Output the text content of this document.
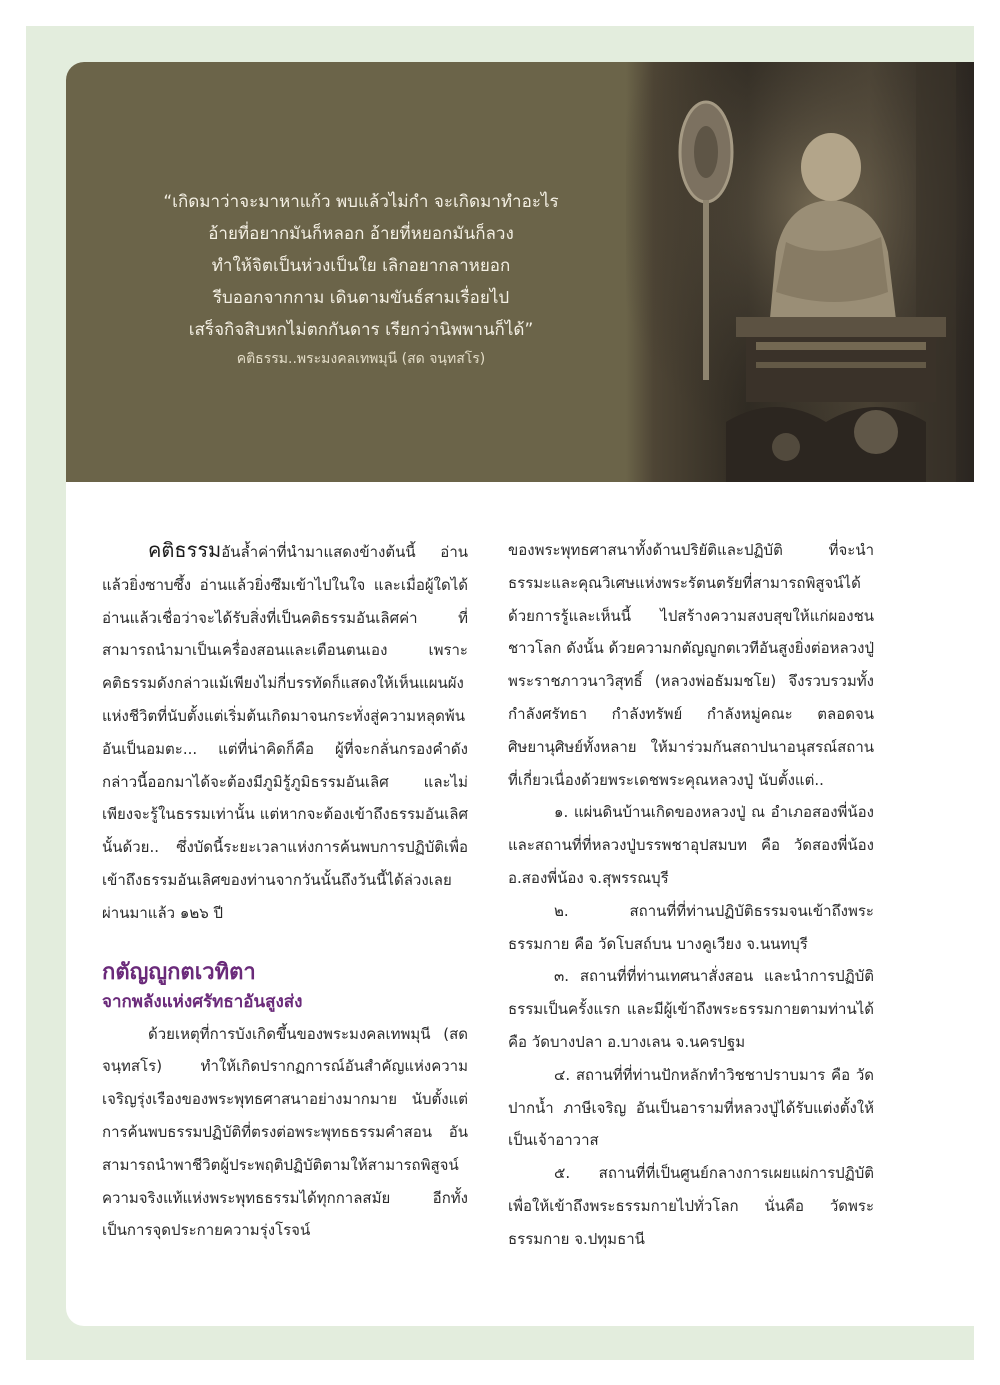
“เกิดมาว่าจะมาหาแก้ว พบแล้วไม่กำ จะเกิดมาทำอะไร
อ้ายที่อยากมันก็หลอก อ้ายที่หยอกมันก็ลวง
ทำให้จิตเป็นห่วงเป็นใย เลิกอยากลาหยอก
รีบออกจากกาม เดินตามขันธ์สามเรื่อยไป
เสร็จกิจสิบหกไม่ตกกันดาร เรียกว่านิพพานก็ได้”
คติธรรม..พระมงคลเทพมุนี (สด จนฺทสโร)

คติธรรมอันล้ำค่าที่นำมาแสดงข้างต้นนี้ อ่านแล้วยิ่งซาบซึ้ง อ่านแล้วยิ่งซึมเข้าไปในใจ และเมื่อผู้ใดได้อ่านแล้วเชื่อว่าจะได้รับสิ่งที่เป็นคติธรรมอันเลิศค่า ที่สามารถนำมาเป็นเครื่องสอนและเตือนตนเอง เพราะคติธรรมดังกล่าวแม้เพียงไม่กี่บรรทัดก็แสดงให้เห็นแผนผังแห่งชีวิตที่นับตั้งแต่เริ่มต้นเกิดมาจนกระทั่งสู่ความหลุดพ้นอันเป็นอมตะ... แต่ที่น่าคิดก็คือ ผู้ที่จะกลั่นกรองคำดังกล่าวนี้ออกมาได้จะต้องมีภูมิรู้ภูมิธรรมอันเลิศ และไม่เพียงจะรู้ในธรรมเท่านั้น แต่หากจะต้องเข้าถึงธรรมอันเลิศนั้นด้วย.. ซึ่งบัดนี้ระยะเวลาแห่งการค้นพบการปฏิบัติเพื่อเข้าถึงธรรมอันเลิศของท่านจากวันนั้นถึงวันนี้ได้ล่วงเลยผ่านมาแล้ว ๑๒๖ ปี

กตัญญูกตเวทิตา

จากพลังแห่งศรัทธาอันสูงส่ง

ด้วยเหตุที่การบังเกิดขึ้นของพระมงคลเทพมุนี (สด จนฺทสโร) ทำให้เกิดปรากฏการณ์อันสำคัญแห่งความเจริญรุ่งเรืองของพระพุทธศาสนาอย่างมากมาย นับตั้งแต่การค้นพบธรรมปฏิบัติที่ตรงต่อพระพุทธธรรมคำสอน อันสามารถนำพาชีวิตผู้ประพฤติปฏิบัติตามให้สามารถพิสูจน์ความจริงแท้แห่งพระพุทธธรรมได้ทุกกาลสมัย อีกทั้งเป็นการจุดประกายความรุ่งโรจน์

ของพระพุทธศาสนาทั้งด้านปริยัติและปฏิบัติ ที่จะนำธรรมะและคุณวิเศษแห่งพระรัตนตรัยที่สามารถพิสูจน์ได้ด้วยการรู้และเห็นนี้ ไปสร้างความสงบสุขให้แก่ผองชนชาวโลก ดังนั้น ด้วยความกตัญญูกตเวทีอันสูงยิ่งต่อหลวงปู่ พระราชภาวนาวิสุทธิ์ (หลวงพ่อธัมมชโย) จึงรวบรวมทั้งกำลังศรัทธา กำลังทรัพย์ กำลังหมู่คณะ ตลอดจนศิษยานุศิษย์ทั้งหลาย ให้มาร่วมกันสถาปนาอนุสรณ์สถานที่เกี่ยวเนื่องด้วยพระเดชพระคุณหลวงปู่ นับตั้งแต่..

๑. แผ่นดินบ้านเกิดของหลวงปู่ ณ อำเภอสองพี่น้อง และสถานที่ที่หลวงปู่บรรพชาอุปสมบท คือ วัดสองพี่น้อง อ.สองพี่น้อง จ.สุพรรณบุรี

๒. สถานที่ที่ท่านปฏิบัติธรรมจนเข้าถึงพระธรรมกาย คือ วัดโบสถ์บน บางคูเวียง จ.นนทบุรี

๓. สถานที่ที่ท่านเทศนาสั่งสอน และนำการปฏิบัติธรรมเป็นครั้งแรก และมีผู้เข้าถึงพระธรรมกายตามท่านได้ คือ วัดบางปลา อ.บางเลน จ.นครปฐม

๔. สถานที่ที่ท่านปักหลักทำวิชชาปราบมาร คือ วัดปากน้ำ ภาษีเจริญ อันเป็นอารามที่หลวงปู่ได้รับแต่งตั้งให้เป็นเจ้าอาวาส

๕. สถานที่ที่เป็นศูนย์กลางการเผยแผ่การปฏิบัติเพื่อให้เข้าถึงพระธรรมกายไปทั่วโลก นั่นคือ วัดพระธรรมกาย จ.ปทุมธานี
